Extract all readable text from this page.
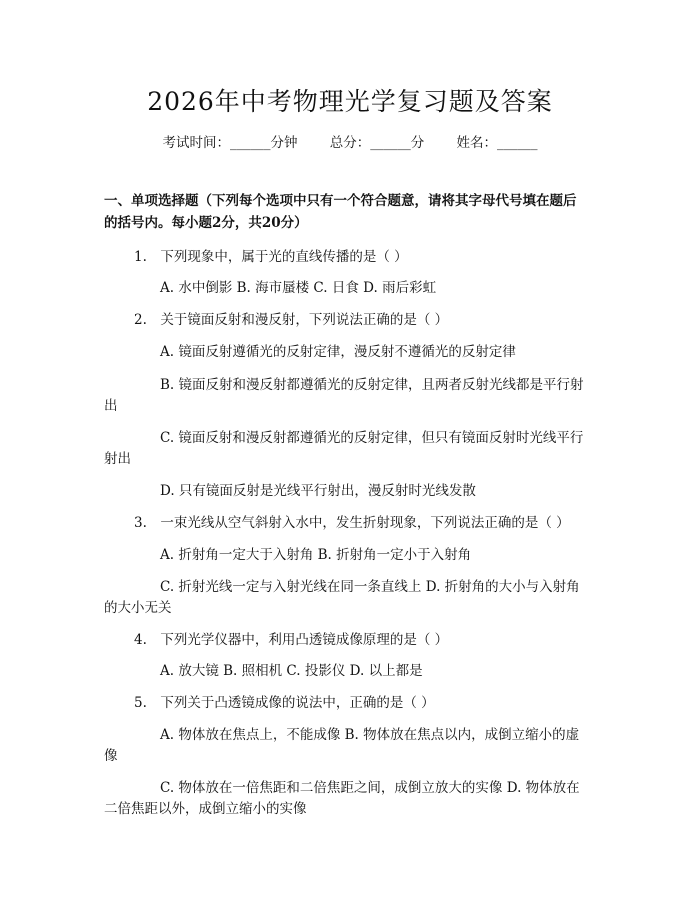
2026年中考物理光学复习题及答案
考试时间：______分钟 总分：______分 姓名：______
一、单项选择题（下列每个选项中只有一个符合题意，请将其字母代号填在题后
的括号内。每小题2分，共20分）
1.　下列现象中，属于光的直线传播的是（ ）
A. 水中倒影 B. 海市蜃楼 C. 日食 D. 雨后彩虹
2.　关于镜面反射和漫反射，下列说法正确的是（ ）
A. 镜面反射遵循光的反射定律，漫反射不遵循光的反射定律
B. 镜面反射和漫反射都遵循光的反射定律，且两者反射光线都是平行射
出
C. 镜面反射和漫反射都遵循光的反射定律，但只有镜面反射时光线平行
射出
D. 只有镜面反射是光线平行射出，漫反射时光线发散
3.　一束光线从空气斜射入水中，发生折射现象，下列说法正确的是（ ）
A. 折射角一定大于入射角 B. 折射角一定小于入射角
C. 折射光线一定与入射光线在同一条直线上 D. 折射角的大小与入射角
的大小无关
4.　下列光学仪器中，利用凸透镜成像原理的是（ ）
A. 放大镜 B. 照相机 C. 投影仪 D. 以上都是
5.　下列关于凸透镜成像的说法中，正确的是（ ）
A. 物体放在焦点上，不能成像 B. 物体放在焦点以内，成倒立缩小的虚
像
C. 物体放在一倍焦距和二倍焦距之间，成倒立放大的实像 D. 物体放在
二倍焦距以外，成倒立缩小的实像
